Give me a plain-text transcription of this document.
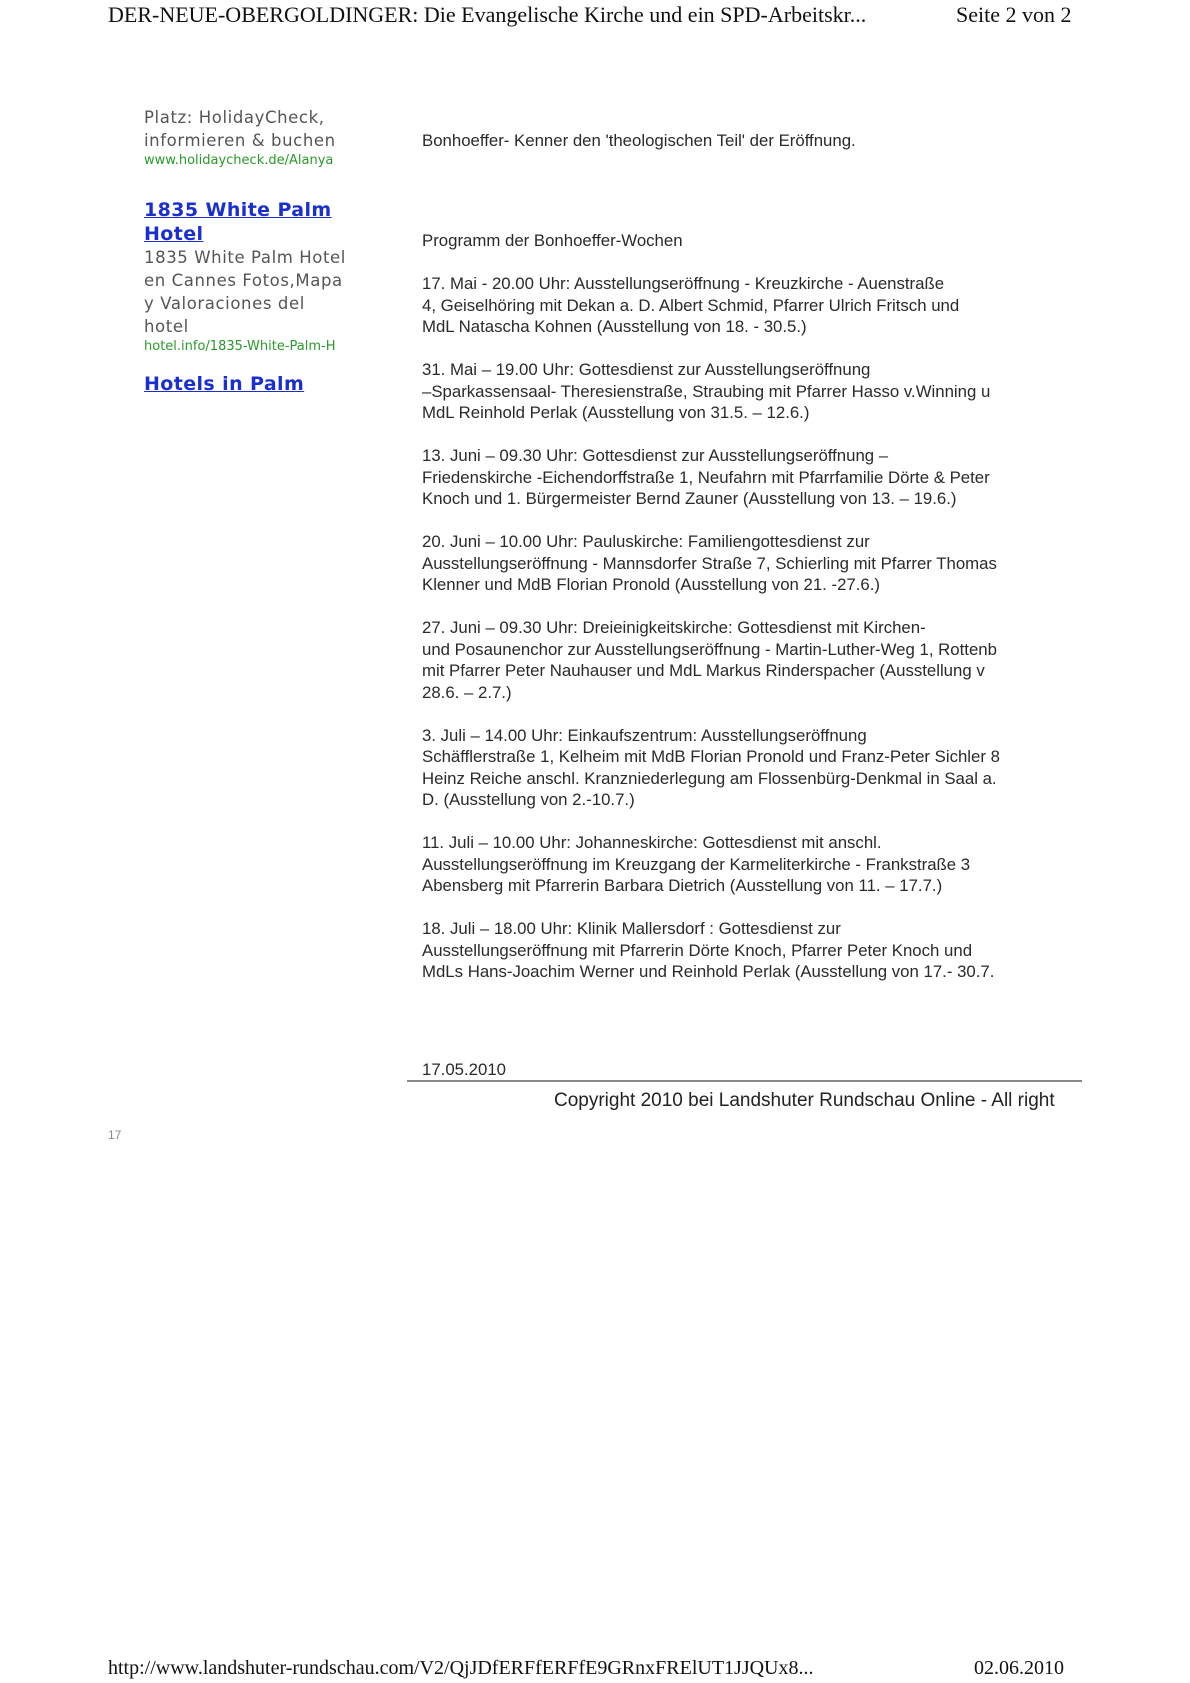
DER-NEUE-OBERGOLDINGER: Die Evangelische Kirche und ein SPD-Arbeitskr...	Seite 2 von 2
Platz: HolidayCheck,
informieren & buchen
www.holidaycheck.de/Alanya
1835 White Palm
Hotel
1835 White Palm Hotel
en Cannes Fotos,Mapa
y Valoraciones del
hotel
hotel.info/1835-White-Palm-H
Hotels in Palm
Bonhoeffer- Kenner den 'theologischen Teil' der Eröffnung.
Programm der Bonhoeffer-Wochen
17. Mai - 20.00 Uhr: Ausstellungseröffnung - Kreuzkirche - Auenstraße
4, Geiselhöring mit Dekan a. D. Albert Schmid, Pfarrer Ulrich Fritsch und
MdL Natascha Kohnen (Ausstellung von 18. - 30.5.)
31. Mai – 19.00 Uhr: Gottesdienst zur Ausstellungseröffnung
–Sparkassensaal- Theresienstraße, Straubing mit Pfarrer Hasso v.Winning u
MdL Reinhold Perlak (Ausstellung von 31.5. – 12.6.)
13. Juni – 09.30 Uhr: Gottesdienst zur Ausstellungseröffnung –
Friedenskirche -Eichendorffstraße 1, Neufahrn mit Pfarrfamilie Dörte & Peter
Knoch und 1. Bürgermeister Bernd Zauner (Ausstellung von 13. – 19.6.)
20. Juni – 10.00 Uhr: Pauluskirche: Familiengottesdienst zur
Ausstellungseröffnung - Mannsdorfer Straße 7, Schierling mit Pfarrer Thomas
Klenner und MdB Florian Pronold (Ausstellung von 21. -27.6.)
27. Juni – 09.30 Uhr: Dreieinigkeitskirche: Gottesdienst mit Kirchen-
und Posaunenchor zur Ausstellungseröffnung - Martin-Luther-Weg 1, Rottenb
mit Pfarrer Peter Nauhauser und MdL Markus Rinderspacher (Ausstellung v
28.6. – 2.7.)
3. Juli – 14.00 Uhr: Einkaufszentrum: Ausstellungseröffnung
Schäfflerstraße 1, Kelheim mit MdB Florian Pronold und Franz-Peter Sichler 8
Heinz Reiche anschl. Kranzniederlegung am Flossenbürg-Denkmal in Saal a.
D. (Ausstellung von 2.-10.7.)
11. Juli – 10.00 Uhr: Johanneskirche: Gottesdienst mit anschl.
Ausstellungseröffnung im Kreuzgang der Karmeliterkirche - Frankstraße 3
Abensberg mit Pfarrerin Barbara Dietrich (Ausstellung von 11. – 17.7.)
18. Juli – 18.00 Uhr: Klinik Mallersdorf : Gottesdienst zur
Ausstellungseröffnung mit Pfarrerin Dörte Knoch, Pfarrer Peter Knoch und
MdLs Hans-Joachim Werner und Reinhold Perlak (Ausstellung von 17.- 30.7.
17.05.2010
Copyright 2010 bei Landshuter Rundschau Online - All right
17
http://www.landshuter-rundschau.com/V2/QjJDfERFfERFfE9GRnxFRElUT1JJQUx8...	02.06.2010
